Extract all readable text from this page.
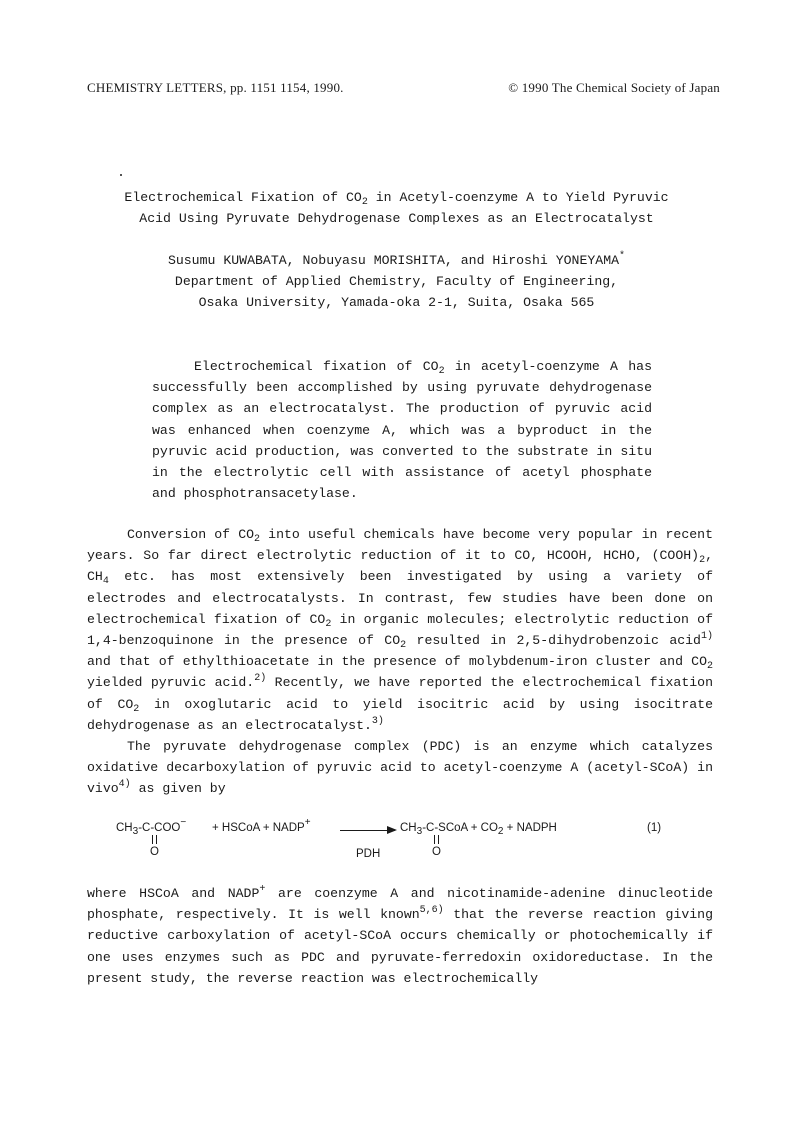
CHEMISTRY LETTERS, pp. 1151 1154, 1990.	© 1990 The Chemical Society of Japan
Electrochemical Fixation of $CO_2$ in Acetyl-coenzyme A to Yield Pyruvic
Acid Using Pyruvate Dehydrogenase Complexes as an Electrocatalyst
Susumu KUWABATA, Nobuyasu MORISHITA, and Hiroshi YONEYAMA*
Department of Applied Chemistry, Faculty of Engineering,
Osaka University, Yamada-oka 2-1, Suita, Osaka 565

Electrochemical fixation of $CO_2$ in acetyl-coenzyme A has successfully been accomplished by using pyruvate dehydrogenase complex as an electrocatalyst. The production of pyruvic acid was enhanced when coenzyme A, which was a byproduct in the pyruvic acid production, was converted to the substrate in situ in the electrolytic cell with assistance of acetyl phosphate and phosphotransacetylase.

Conversion of $CO_2$ into useful chemicals have become very popular in recent years. So far direct electrolytic reduction of it to CO, HCOOH, HCHO, $(COOH)_2$, $CH_4$ etc. has most extensively been investigated by using a variety of electrodes and electrocatalysts. In contrast, few studies have been done on electrochemical fixation of $CO_2$ in organic molecules; electrolytic reduction of 1,4-benzoquinone in the presence of $CO_2$ resulted in 2,5-dihydrobenzoic acid$^{1)}$ and that of ethylthioacetate in the presence of molybdenum-iron cluster and $CO_2$ yielded pyruvic acid.$^{2)}$ Recently, we have reported the electrochemical fixation of $CO_2$ in oxoglutaric acid to yield isocitric acid by using isocitrate dehydrogenase as an electrocatalyst.$^{3)}$

The pyruvate dehydrogenase complex (PDC) is an enzyme which catalyzes oxidative decarboxylation of pyruvic acid to acetyl-coenzyme A (acetyl-SCoA) in vivo$^{4)}$ as given by

$CH_3-C-COO^-$ + HSCoA + NADP+
PDH
$CH_3-C$-SCoA + $CO_2$ + NADPH	(1)
O	O

where HSCoA and NADP+ are coenzyme A and nicotinamide-adenine dinucleotide phosphate, respectively. It is well known$^{5,6)}$ that the reverse reaction giving reductive carboxylation of acetyl-SCoA occurs chemically or photochemically if one uses enzymes such as PDC and pyruvate-ferredoxin oxidoreductase. In the present study, the reverse reaction was electrochemically
